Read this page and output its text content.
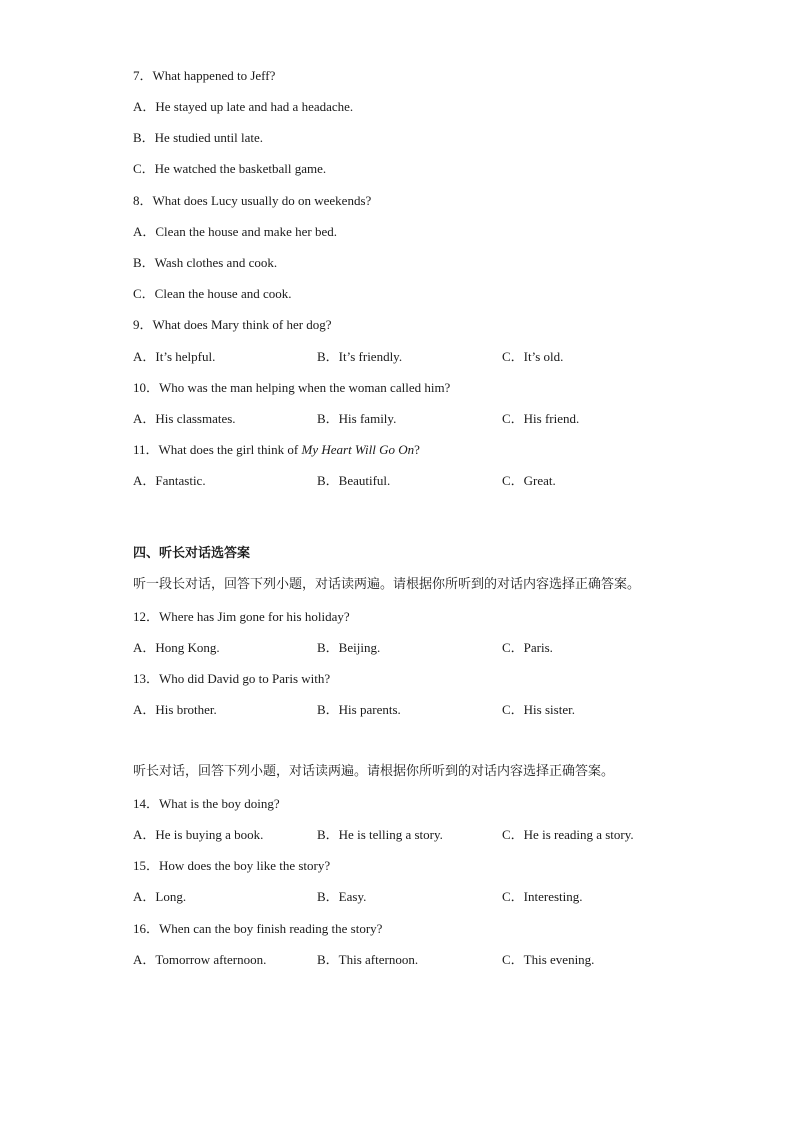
7．What happened to Jeff?
A．He stayed up late and had a headache.
B．He studied until late.
C．He watched the basketball game.
8．What does Lucy usually do on weekends?
A．Clean the house and make her bed.
B．Wash clothes and cook.
C．Clean the house and cook.
9．What does Mary think of her dog?
A．It’s helpful.	B．It’s friendly.	C．It’s old.
10．Who was the man helping when the woman called him?
A．His classmates.	B．His family.	C．His friend.
11．What does the girl think of My Heart Will Go On?
A．Fantastic.	B．Beautiful.	C．Great.
四、听长对话选答案
听一段长对话，回答下列小题，对话读两遍。请根据你所听到的对话内容选择正确答案。
12．Where has Jim gone for his holiday?
A．Hong Kong.	B．Beijing.	C．Paris.
13．Who did David go to Paris with?
A．His brother.	B．His parents.	C．His sister.
听长对话，回答下列小题，对话读两遍。请根据你所听到的对话内容选择正确答案。
14．What is the boy doing?
A．He is buying a book.	B．He is telling a story.	C．He is reading a story.
15．How does the boy like the story?
A．Long.	B．Easy.	C．Interesting.
16．When can the boy finish reading the story?
A．Tomorrow afternoon.	B．This afternoon.	C．This evening.
